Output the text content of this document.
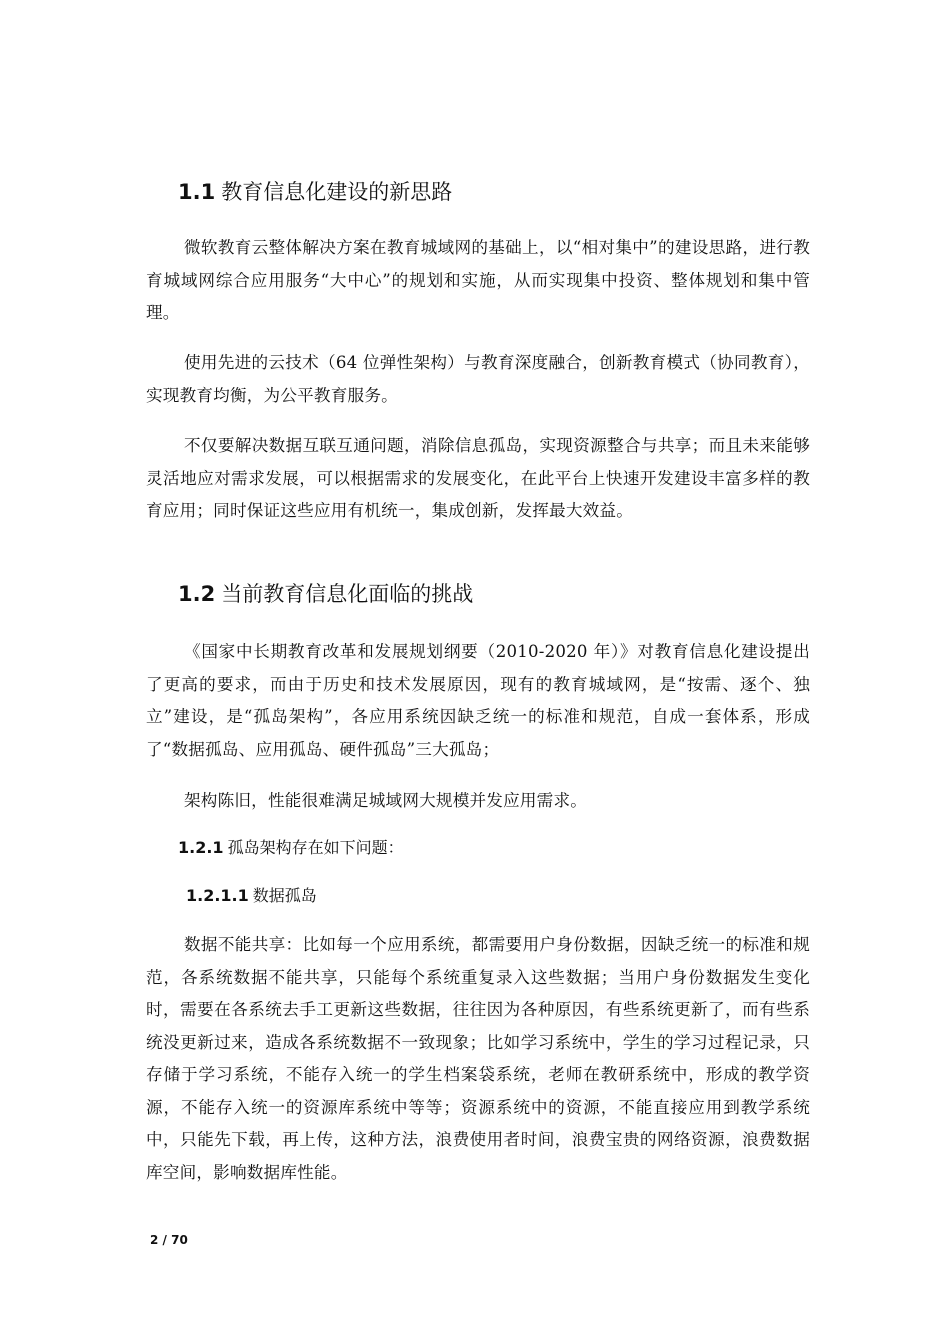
1.1 教育信息化建设的新思路

微软教育云整体解决方案在教育城域网的基础上，以“相对集中”的建设思路，进行教育城域网综合应用服务“大中心”的规划和实施，从而实现集中投资、整体规划和集中管理。

使用先进的云技术（64 位弹性架构）与教育深度融合，创新教育模式（协同教育），实现教育均衡，为公平教育服务。

不仅要解决数据互联互通问题，消除信息孤岛，实现资源整合与共享；而且未来能够灵活地应对需求发展，可以根据需求的发展变化，在此平台上快速开发建设丰富多样的教育应用；同时保证这些应用有机统一，集成创新，发挥最大效益。

1.2 当前教育信息化面临的挑战

《国家中长期教育改革和发展规划纲要（2010-2020 年）》对教育信息化建设提出了更高的要求，而由于历史和技术发展原因，现有的教育城域网，是“按需、逐个、独立”建设，是“孤岛架构”，各应用系统因缺乏统一的标准和规范，自成一套体系，形成了“数据孤岛、应用孤岛、硬件孤岛”三大孤岛；

架构陈旧，性能很难满足城域网大规模并发应用需求。

1.2.1 孤岛架构存在如下问题：
1.2.1.1 数据孤岛

数据不能共享：比如每一个应用系统，都需要用户身份数据，因缺乏统一的标准和规范，各系统数据不能共享，只能每个系统重复录入这些数据；当用户身份数据发生变化时，需要在各系统去手工更新这些数据，往往因为各种原因，有些系统更新了，而有些系统没更新过来，造成各系统数据不一致现象；比如学习系统中，学生的学习过程记录，只存储于学习系统，不能存入统一的学生档案袋系统，老师在教研系统中，形成的教学资源，不能存入统一的资源库系统中等等；资源系统中的资源，不能直接应用到教学系统中，只能先下载，再上传，这种方法，浪费使用者时间，浪费宝贵的网络资源，浪费数据库空间，影响数据库性能。

2 / 70
